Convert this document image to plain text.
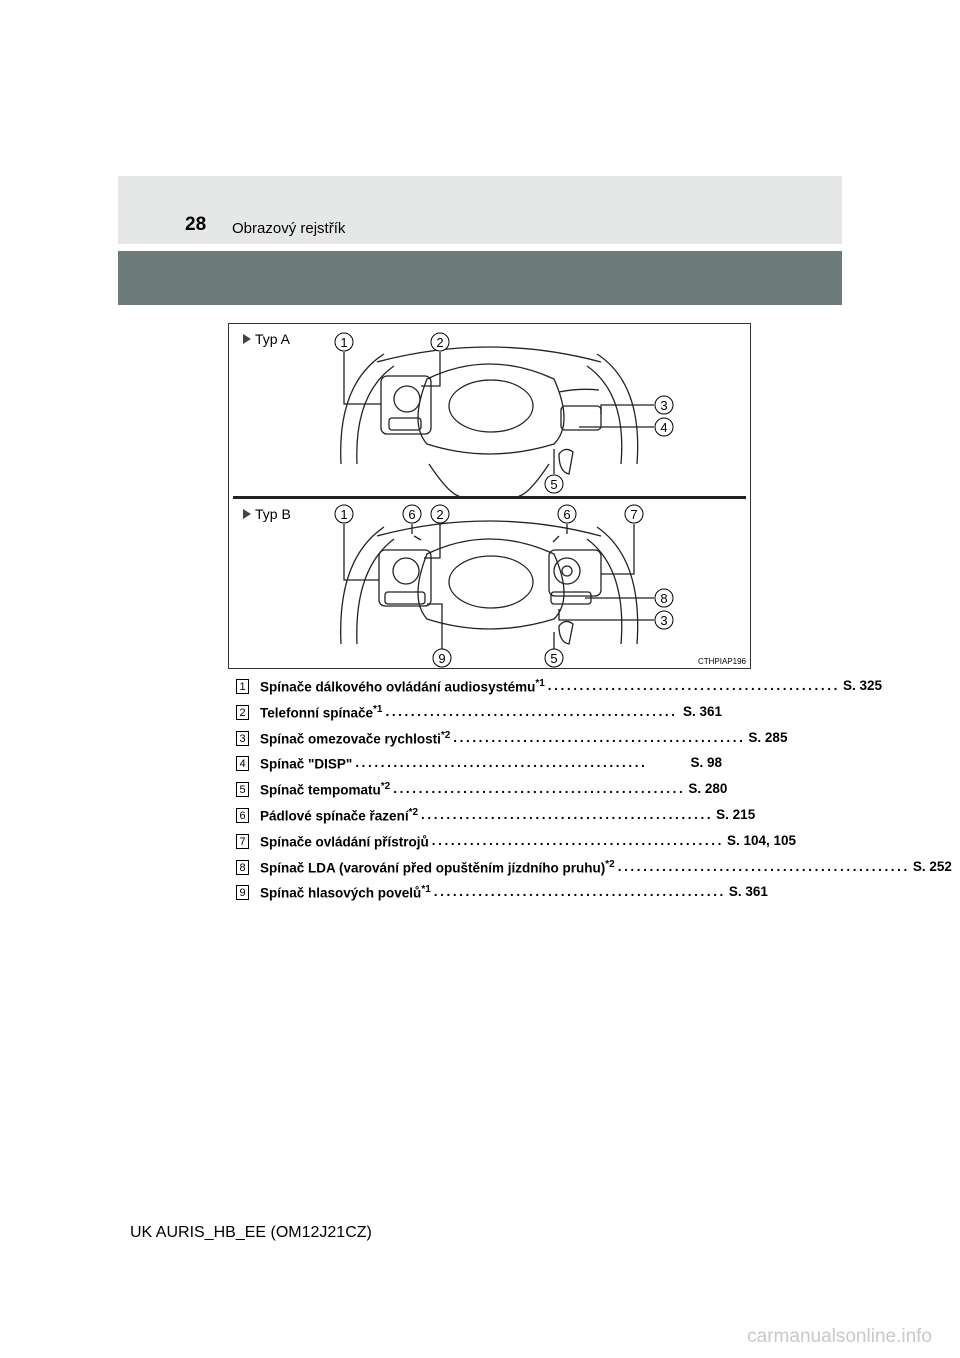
28 Obrazový rejstřík
1	2
3
4
5
1	6 2	6	7
8
3
9	5
Typ A
Typ B
CTHPIAP196
1 Spínače dálkového ovládání audiosystému$^{*1}$ .............................................. S. 325
2 Telefonní spínače$^{*1}$ .............................................. S. 361
3 Spínač omezovače rychlosti$^{*2}$ .............................................. S. 285
4 Spínač "DISP" ..............................................	S. 98
5 Spínač tempomatu$^{*2}$ .............................................. S. 280
6 Pádlové spínače řazení$^{*2}$ .............................................. S. 215
7 Spínače ovládání přístrojů .............................................. S. 104, 105
8 Spínač LDA (varování před opuštěním jízdního pruhu)$^{*2}$ .............................................. S. 252
9 Spínač hlasových povelů$^{*1}$ .............................................. S. 361
UK AURIS_HB_EE (OM12J21CZ)
carmanualsonline.info
